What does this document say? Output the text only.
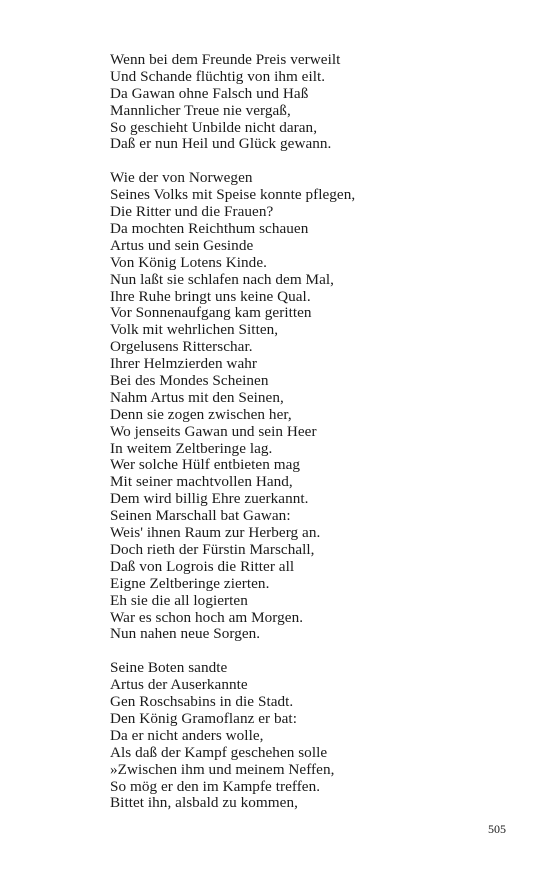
Wenn bei dem Freunde Preis verweilt
Und Schande flüchtig von ihm eilt.
Da Gawan ohne Falsch und Haß
Mannlicher Treue nie vergaß,
So geschieht Unbilde nicht daran,
Daß er nun Heil und Glück gewann.
Wie der von Norwegen
Seines Volks mit Speise konnte pflegen,
Die Ritter und die Frauen?
Da mochten Reichthum schauen
Artus und sein Gesinde
Von König Lotens Kinde.
Nun laßt sie schlafen nach dem Mal,
Ihre Ruhe bringt uns keine Qual.
Vor Sonnenaufgang kam geritten
Volk mit wehrlichen Sitten,
Orgelusens Ritterschar.
Ihrer Helmzierden wahr
Bei des Mondes Scheinen
Nahm Artus mit den Seinen,
Denn sie zogen zwischen her,
Wo jenseits Gawan und sein Heer
In weitem Zeltberinge lag.
Wer solche Hülf entbieten mag
Mit seiner machtvollen Hand,
Dem wird billig Ehre zuerkannt.
Seinen Marschall bat Gawan:
Weis' ihnen Raum zur Herberg an.
Doch rieth der Fürstin Marschall,
Daß von Logrois die Ritter all
Eigne Zeltberinge zierten.
Eh sie die all logierten
War es schon hoch am Morgen.
Nun nahen neue Sorgen.
Seine Boten sandte
Artus der Auserkannte
Gen Roschsabins in die Stadt.
Den König Gramoflanz er bat:
Da er nicht anders wolle,
Als daß der Kampf geschehen solle
»Zwischen ihm und meinem Neffen,
So mög er den im Kampfe treffen.
Bittet ihn, alsbald zu kommen,
505
